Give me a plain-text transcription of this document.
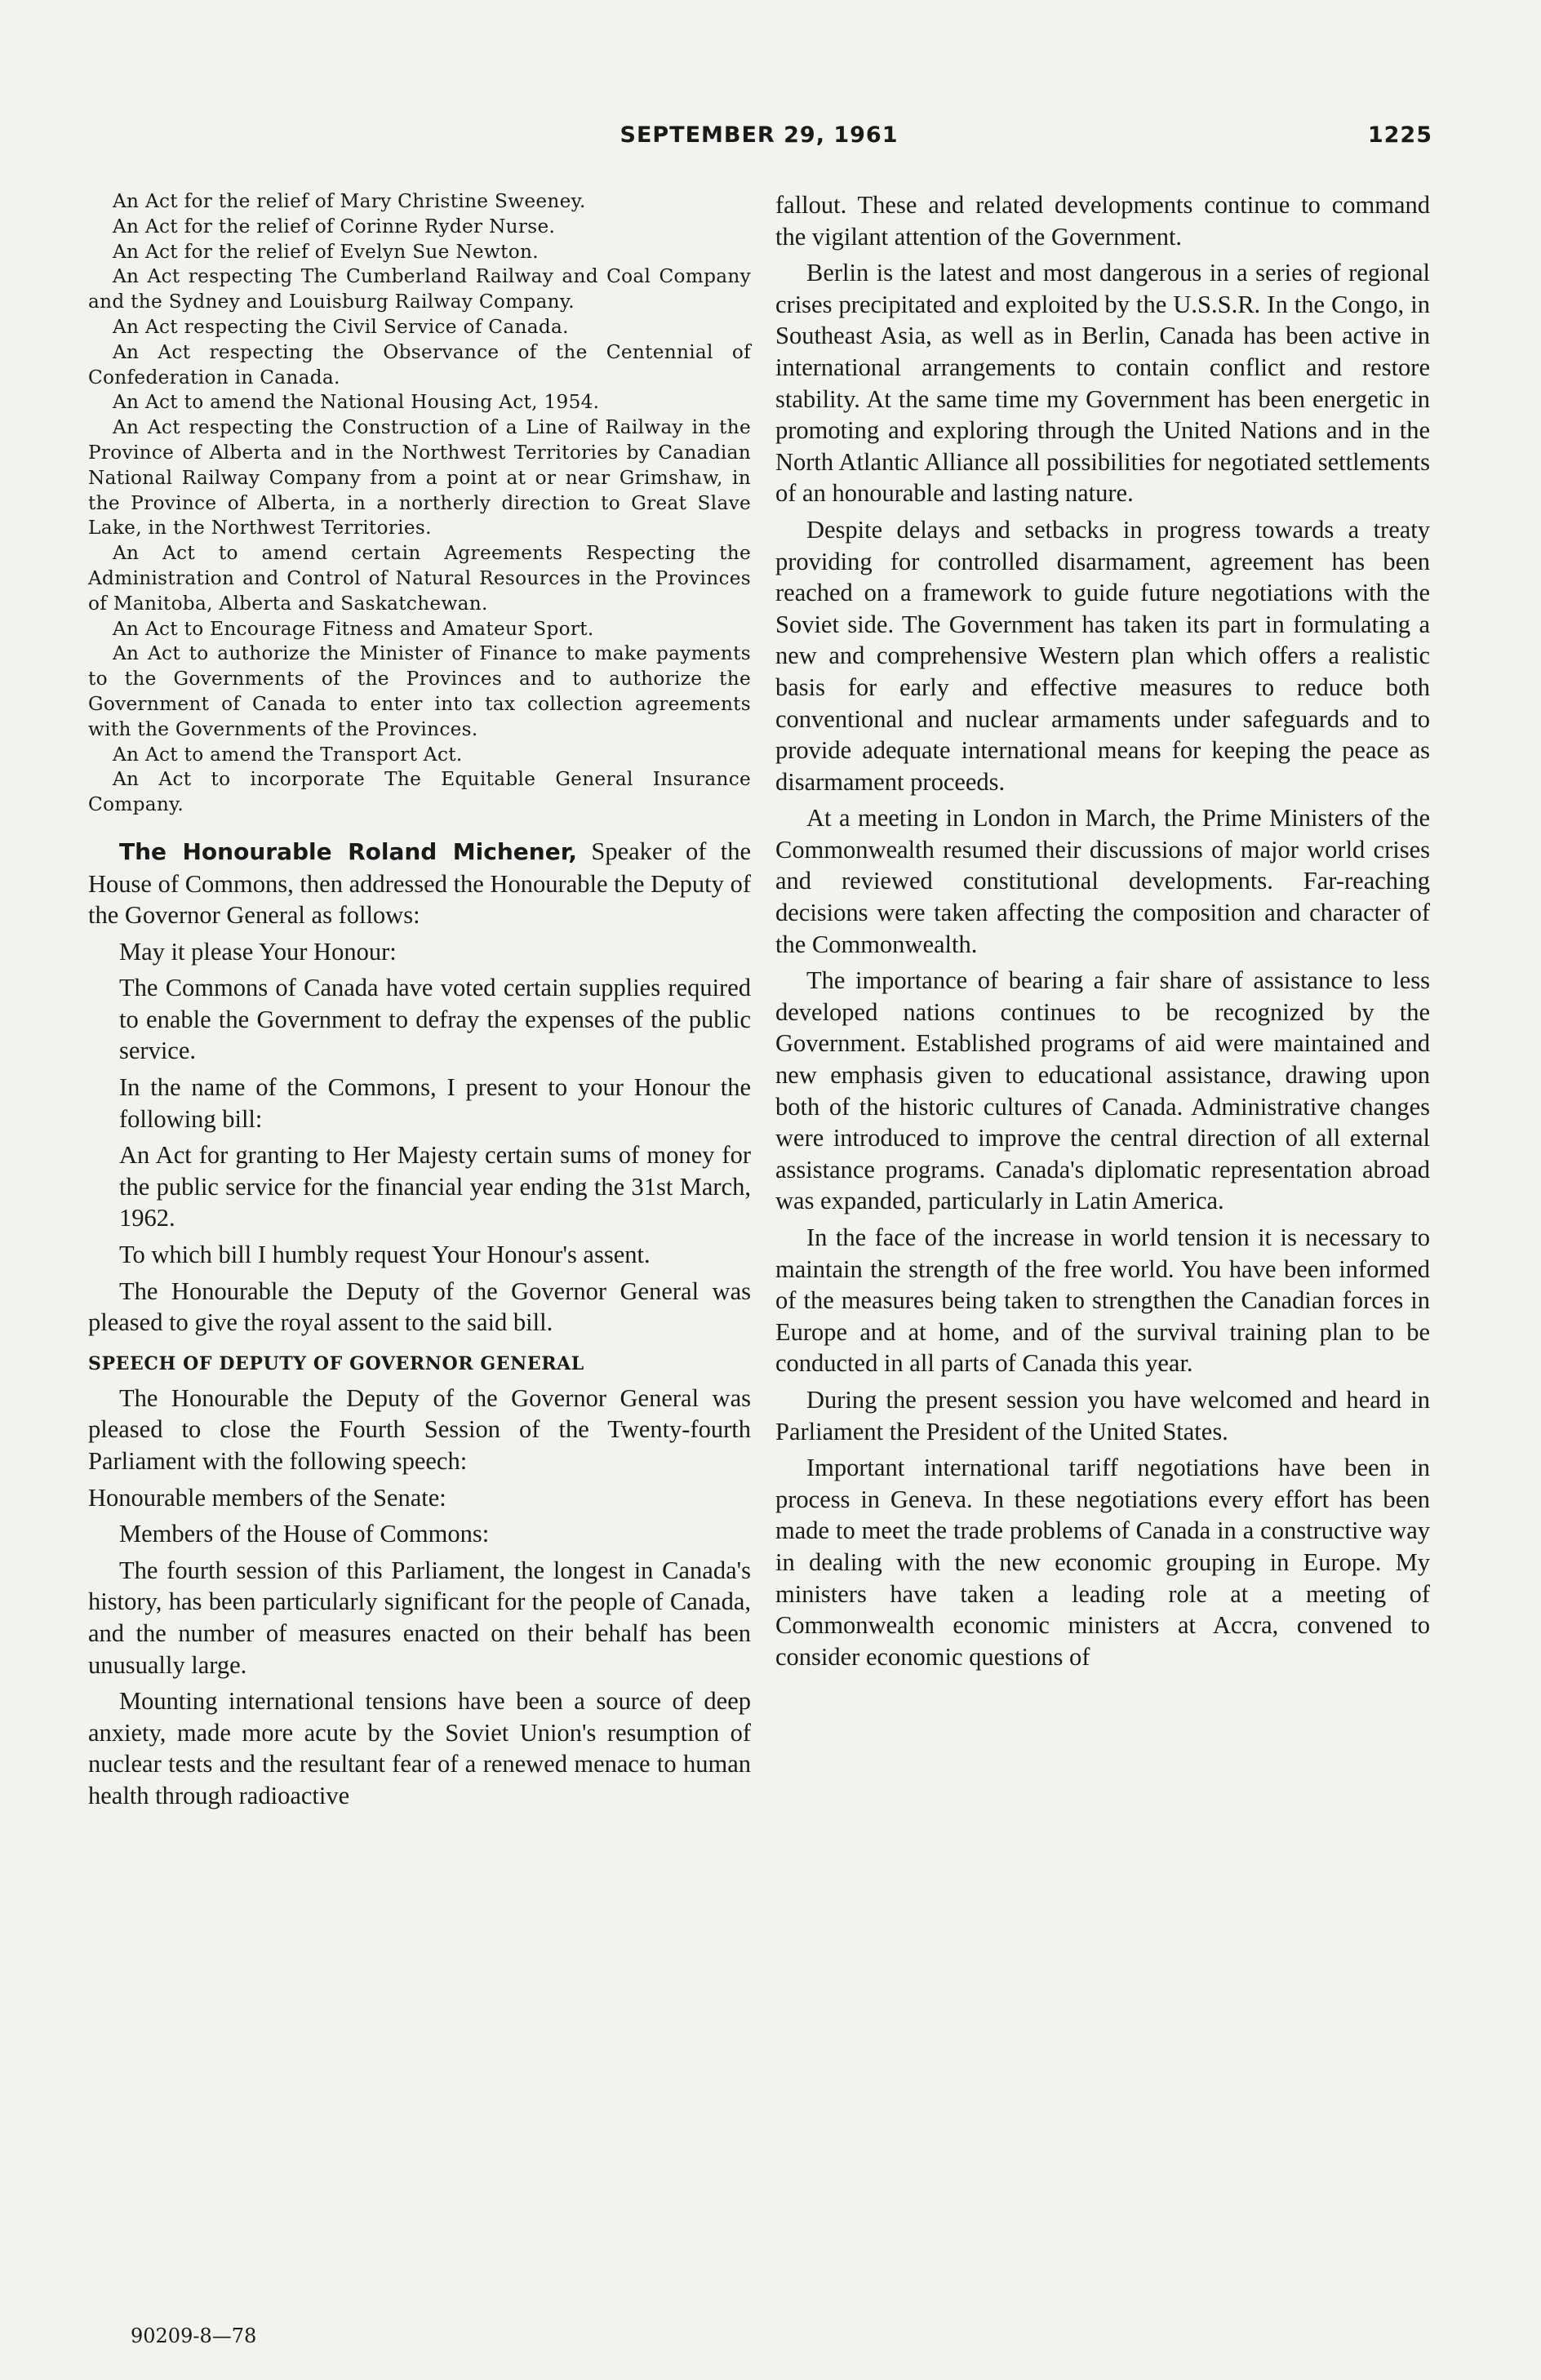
SEPTEMBER 29, 1961	1225

An Act for the relief of Mary Christine Sweeney.

An Act for the relief of Corinne Ryder Nurse.

An Act for the relief of Evelyn Sue Newton.

An Act respecting The Cumberland Railway and Coal Company and the Sydney and Louisburg Railway Company.

An Act respecting the Civil Service of Canada.

An Act respecting the Observance of the Centennial of Confederation in Canada.

An Act to amend the National Housing Act, 1954.

An Act respecting the Construction of a Line of Railway in the Province of Alberta and in the Northwest Territories by Canadian National Railway Company from a point at or near Grimshaw, in the Province of Alberta, in a northerly direction to Great Slave Lake, in the Northwest Territories.

An Act to amend certain Agreements Respecting the Administration and Control of Natural Resources in the Provinces of Manitoba, Alberta and Saskatchewan.

An Act to Encourage Fitness and Amateur Sport.

An Act to authorize the Minister of Finance to make payments to the Governments of the Provinces and to authorize the Government of Canada to enter into tax collection agreements with the Governments of the Provinces.

An Act to amend the Transport Act.

An Act to incorporate The Equitable General Insurance Company.

The Honourable Roland Michener, Speaker of the House of Commons, then addressed the Honourable the Deputy of the Governor General as follows:

May it please Your Honour:

The Commons of Canada have voted certain supplies required to enable the Government to defray the expenses of the public service.

In the name of the Commons, I present to your Honour the following bill:

An Act for granting to Her Majesty certain sums of money for the public service for the financial year ending the 31st March, 1962.

To which bill I humbly request Your Honour's assent.

The Honourable the Deputy of the Governor General was pleased to give the royal assent to the said bill.

SPEECH OF DEPUTY OF GOVERNOR GENERAL

The Honourable the Deputy of the Governor General was pleased to close the Fourth Session of the Twenty-fourth Parliament with the following speech:

Honourable members of the Senate:

Members of the House of Commons:

The fourth session of this Parliament, the longest in Canada's history, has been particularly significant for the people of Canada, and the number of measures enacted on their behalf has been unusually large.

Mounting international tensions have been a source of deep anxiety, made more acute by the Soviet Union's resumption of nuclear tests and the resultant fear of a renewed menace to human health through radioactive

fallout. These and related developments continue to command the vigilant attention of the Government.

Berlin is the latest and most dangerous in a series of regional crises precipitated and exploited by the U.S.S.R. In the Congo, in Southeast Asia, as well as in Berlin, Canada has been active in international arrangements to contain conflict and restore stability. At the same time my Government has been energetic in promoting and exploring through the United Nations and in the North Atlantic Alliance all possibilities for negotiated settlements of an honourable and lasting nature.

Despite delays and setbacks in progress towards a treaty providing for controlled disarmament, agreement has been reached on a framework to guide future negotiations with the Soviet side. The Government has taken its part in formulating a new and comprehensive Western plan which offers a realistic basis for early and effective measures to reduce both conventional and nuclear armaments under safeguards and to provide adequate international means for keeping the peace as disarmament proceeds.

At a meeting in London in March, the Prime Ministers of the Commonwealth resumed their discussions of major world crises and reviewed constitutional developments. Far-reaching decisions were taken affecting the composition and character of the Commonwealth.

The importance of bearing a fair share of assistance to less developed nations continues to be recognized by the Government. Established programs of aid were maintained and new emphasis given to educational assistance, drawing upon both of the historic cultures of Canada. Administrative changes were introduced to improve the central direction of all external assistance programs. Canada's diplomatic representation abroad was expanded, particularly in Latin America.

In the face of the increase in world tension it is necessary to maintain the strength of the free world. You have been informed of the measures being taken to strengthen the Canadian forces in Europe and at home, and of the survival training plan to be conducted in all parts of Canada this year.

During the present session you have welcomed and heard in Parliament the President of the United States.

Important international tariff negotiations have been in process in Geneva. In these negotiations every effort has been made to meet the trade problems of Canada in a constructive way in dealing with the new economic grouping in Europe. My ministers have taken a leading role at a meeting of Commonwealth economic ministers at Accra, convened to consider economic questions of

90209-8—78
